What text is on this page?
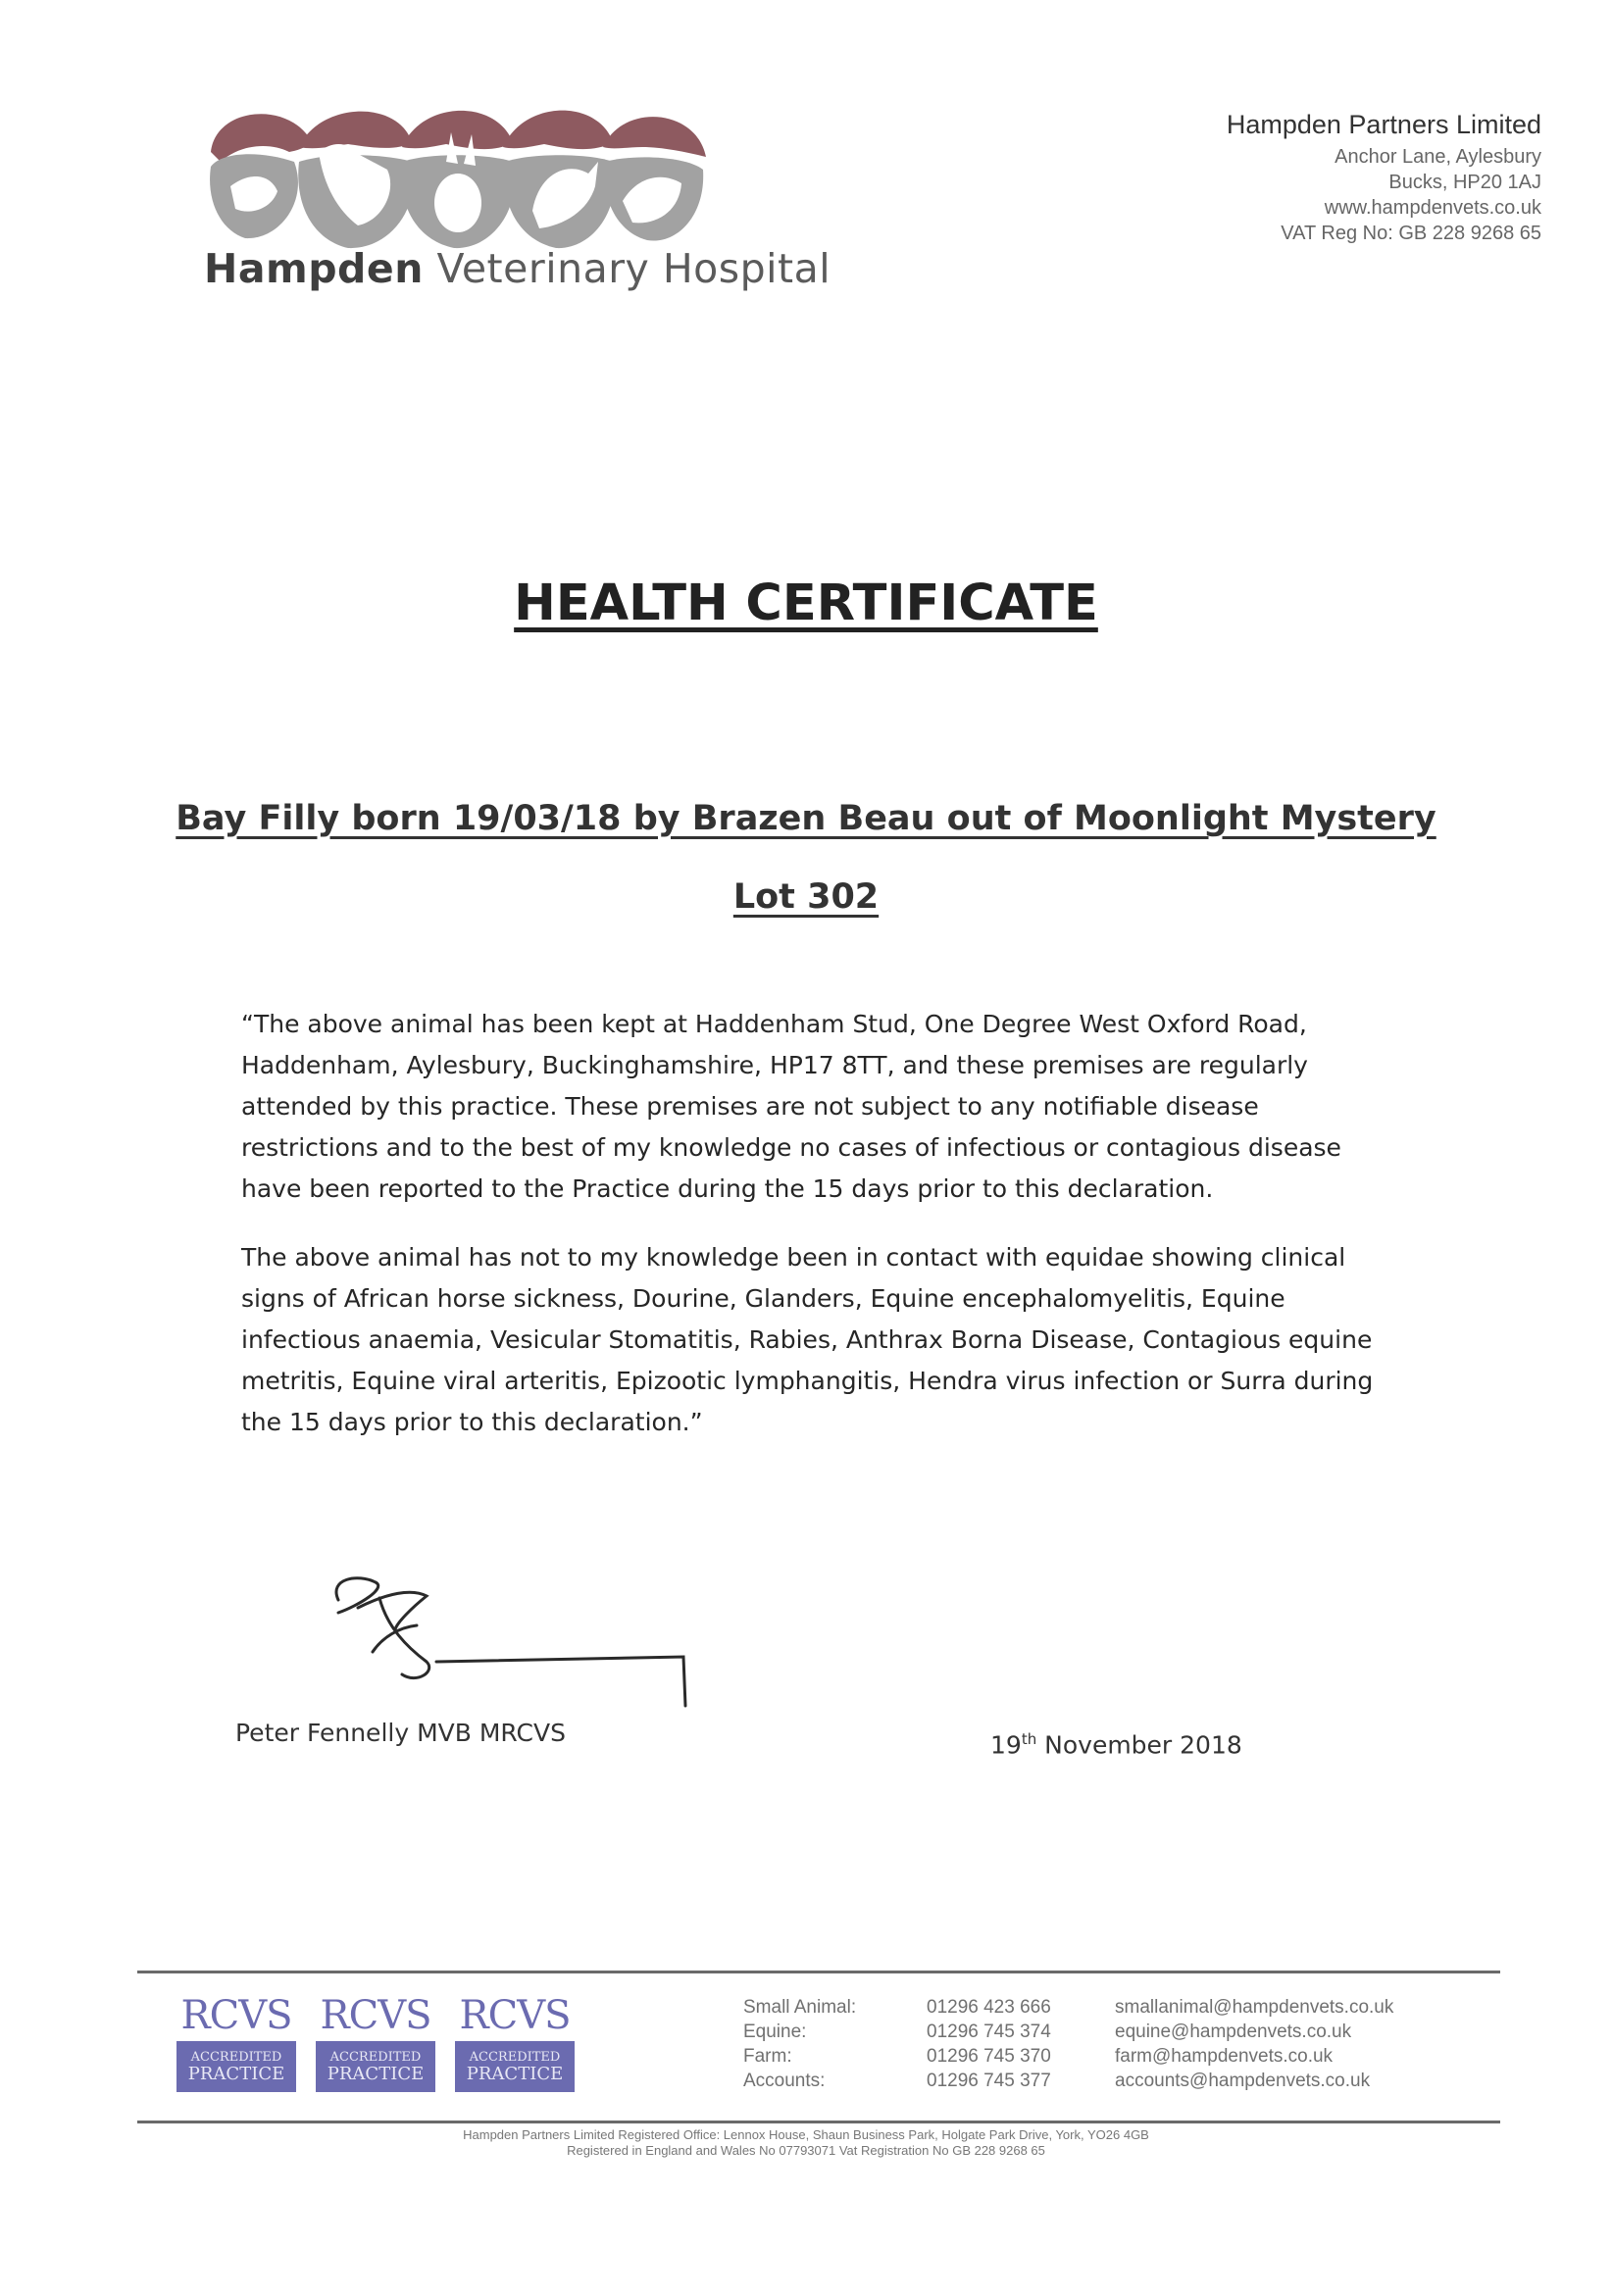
Hampden Veterinary Hospital
Hampden Partners Limited
Anchor Lane, Aylesbury
Bucks, HP20 1AJ
www.hampdenvets.co.uk
VAT Reg No: GB 228 9268 65
HEALTH CERTIFICATE
Bay Filly born 19/03/18 by Brazen Beau out of Moonlight Mystery
Lot 302

“The above animal has been kept at Haddenham Stud, One Degree West Oxford Road, Haddenham, Aylesbury, Buckinghamshire, HP17 8TT, and these premises are regularly attended by this practice. These premises are not subject to any notifiable disease restrictions and to the best of my knowledge no cases of infectious or contagious disease have been reported to the Practice during the 15 days prior to this declaration.

The above animal has not to my knowledge been in contact with equidae showing clinical signs of African horse sickness, Dourine, Glanders, Equine encephalomyelitis, Equine infectious anaemia, Vesicular Stomatitis, Rabies, Anthrax Borna Disease, Contagious equine metritis, Equine viral arteritis, Epizootic lymphangitis, Hendra virus infection or Surra during the 15 days prior to this declaration.”

Peter Fennelly MVB MRCVS	19th November 2018
RCVS
ACCREDITED
PRACTICE
RCVS
ACCREDITED
PRACTICE
RCVS
ACCREDITED
PRACTICE
Small Animal:	01296 423 666	smallanimal@hampdenvets.co.uk
Equine:	01296 745 374	equine@hampdenvets.co.uk
Farm:	01296 745 370	farm@hampdenvets.co.uk
Accounts:	01296 745 377	accounts@hampdenvets.co.uk
Hampden Partners Limited Registered Office: Lennox House, Shaun Business Park, Holgate Park Drive, York, YO26 4GB
Registered in England and Wales No 07793071 Vat Registration No GB 228 9268 65
